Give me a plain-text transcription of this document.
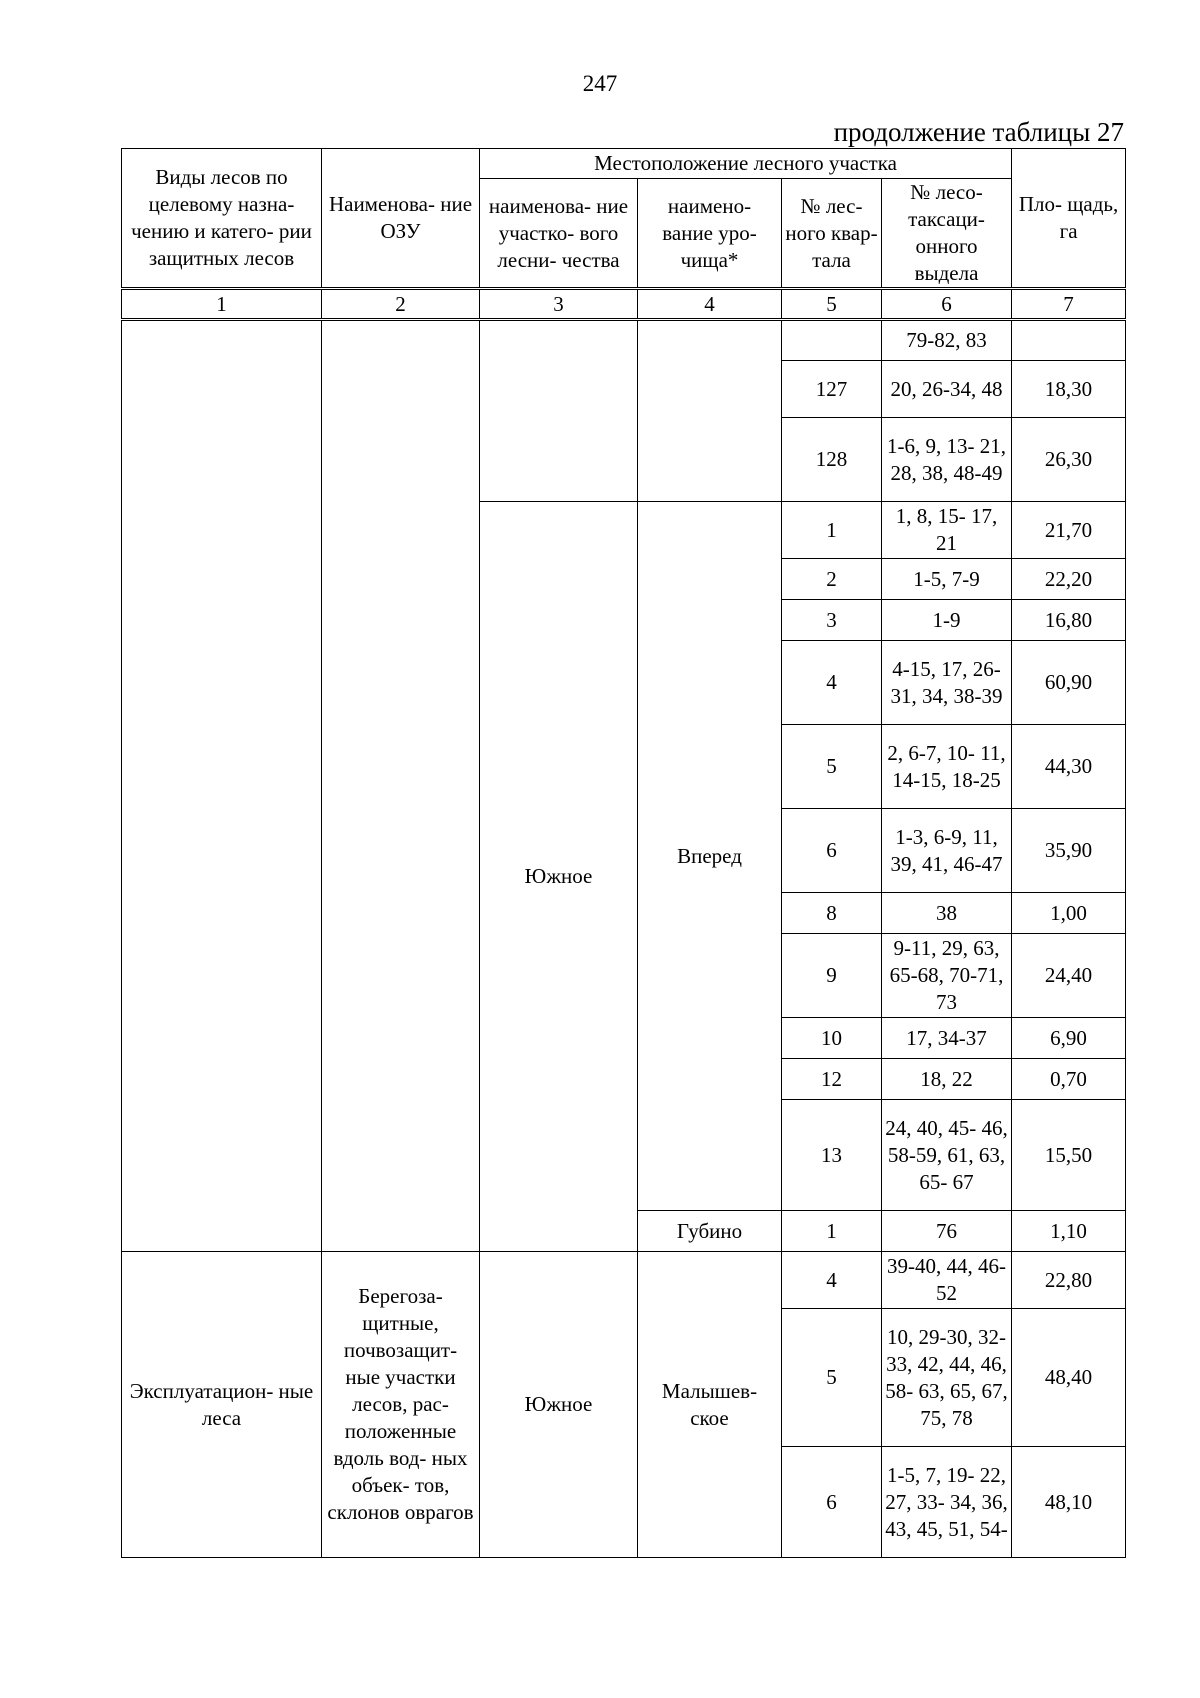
247
продолжение таблицы 27
Виды лесов по целевому назна- чению и катего- рии защитных лесов	Наименова- ние ОЗУ	Местоположение лесного участка				Пло- щадь, га
		наименова- ние участко- вого лесни- чества	наимено- вание уро- чища*	№ лес- ного квар- тала	№ лесо- таксаци- онного выдела	
1	2	3	4	5	6	7
					79-82, 83	
				127	20, 26-34, 48	18,30
				128	1-6, 9, 13- 21, 28, 38, 48-49	26,30
		Южное	Вперед	1	1, 8, 15- 17, 21	21,70
				2	1-5, 7-9	22,20
				3	1-9	16,80
				4	4-15, 17, 26-31, 34, 38-39	60,90
				5	2, 6-7, 10- 11, 14-15, 18-25	44,30
				6	1-3, 6-9, 11, 39, 41, 46-47	35,90
				8	38	1,00
				9	9-11, 29, 63, 65-68, 70-71, 73	24,40
				10	17, 34-37	6,90
				12	18, 22	0,70
				13	24, 40, 45- 46, 58-59, 61, 63, 65- 67	15,50
			Губино	1	76	1,10
Эксплуатацион- ные леса	Берегоза- щитные, почвозащит- ные участки лесов, рас- положенные вдоль вод- ных объек- тов, склонов оврагов	Южное	Малышев- ское	4	39-40, 44, 46-52	22,80
				5	10, 29-30, 32-33, 42, 44, 46, 58- 63, 65, 67, 75, 78	48,40
				6	1-5, 7, 19- 22, 27, 33- 34, 36, 43, 45, 51, 54-	48,10
